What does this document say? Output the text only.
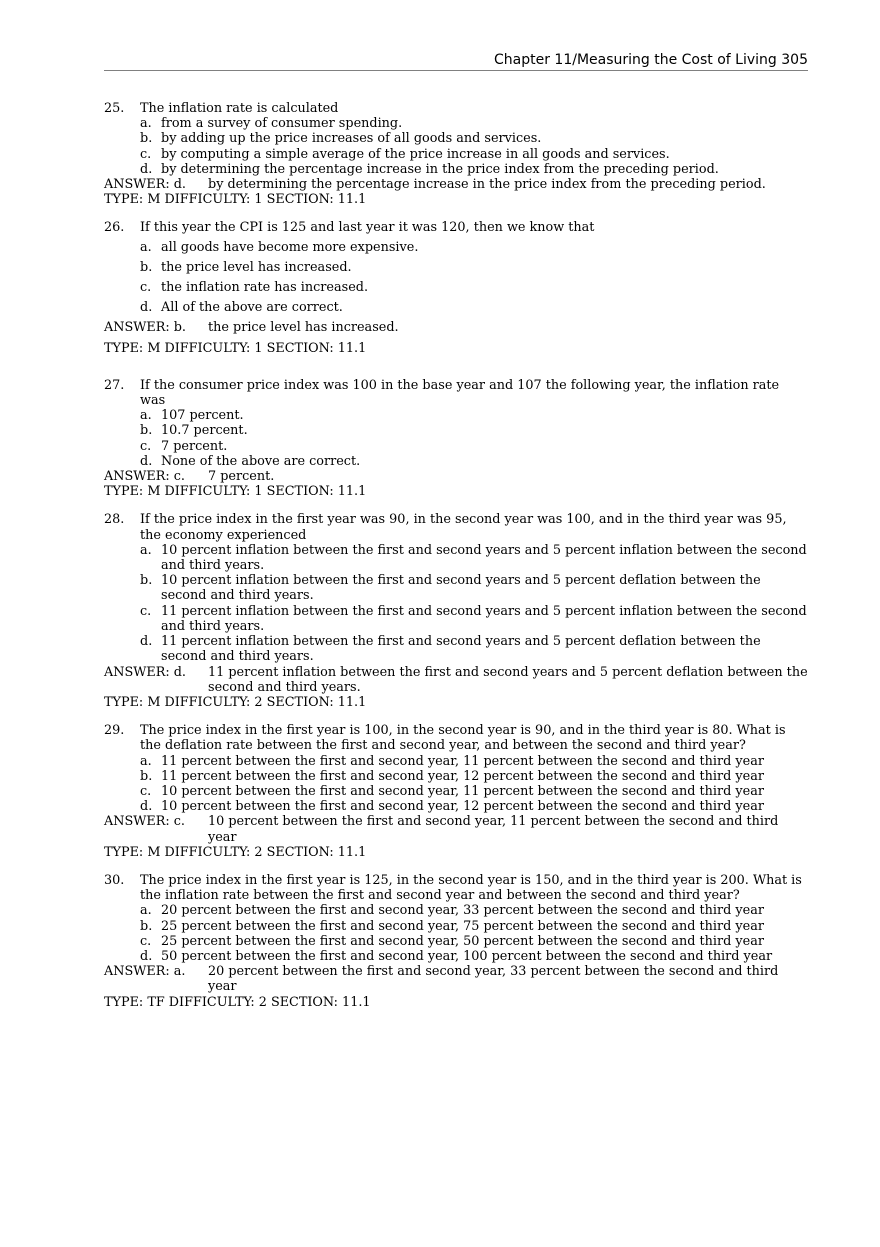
Chapter 11/Measuring the Cost of Living 305
25.	The inflation rate is calculated
a. from a survey of consumer spending.
b. by adding up the price increases of all goods and services.
c. by computing a simple average of the price increase in all goods and services.
d. by determining the percentage increase in the price index from the preceding period.
ANSWER: d.	by determining the percentage increase in the price index from the preceding period.
TYPE: M DIFFICULTY: 1 SECTION: 11.1
26.	If this year the CPI is 125 and last year it was 120, then we know that
a. all goods have become more expensive.
b. the price level has increased.
c. the inflation rate has increased.
d. All of the above are correct.
ANSWER: b.	the price level has increased.
TYPE: M DIFFICULTY: 1 SECTION: 11.1
27.	If the consumer price index was 100 in the base year and 107 the following year, the inflation rate was
a. 107 percent.
b. 10.7 percent.
c. 7 percent.
d. None of the above are correct.
ANSWER: c.	7 percent.
TYPE: M DIFFICULTY: 1 SECTION: 11.1
28.	If the price index in the first year was 90, in the second year was 100, and in the third year was 95, the economy experienced
a. 10 percent inflation between the first and second years and 5 percent inflation between the second and third years.
b. 10 percent inflation between the first and second years and 5 percent deflation between the second and third years.
c. 11 percent inflation between the first and second years and 5 percent inflation between the second and third years.
d. 11 percent inflation between the first and second years and 5 percent deflation between the second and third years.
ANSWER: d.	11 percent inflation between the first and second years and 5 percent deflation between the second and third years.
TYPE: M DIFFICULTY: 2 SECTION: 11.1
29.	The price index in the first year is 100, in the second year is 90, and in the third year is 80. What is the deflation rate between the first and second year, and between the second and third year?
a. 11 percent between the first and second year, 11 percent between the second and third year
b. 11 percent between the first and second year, 12 percent between the second and third year
c. 10 percent between the first and second year, 11 percent between the second and third year
d. 10 percent between the first and second year, 12 percent between the second and third year
ANSWER: c.	10 percent between the first and second year, 11 percent between the second and third year
TYPE: M DIFFICULTY: 2 SECTION: 11.1
30.	The price index in the first year is 125, in the second year is 150, and in the third year is 200. What is the inflation rate between the first and second year and between the second and third year?
a. 20 percent between the first and second year, 33 percent between the second and third year
b. 25 percent between the first and second year, 75 percent between the second and third year
c. 25 percent between the first and second year, 50 percent between the second and third year
d. 50 percent between the first and second year, 100 percent between the second and third year
ANSWER: a.	20 percent between the first and second year, 33 percent between the second and third year
TYPE: TF DIFFICULTY: 2 SECTION: 11.1
